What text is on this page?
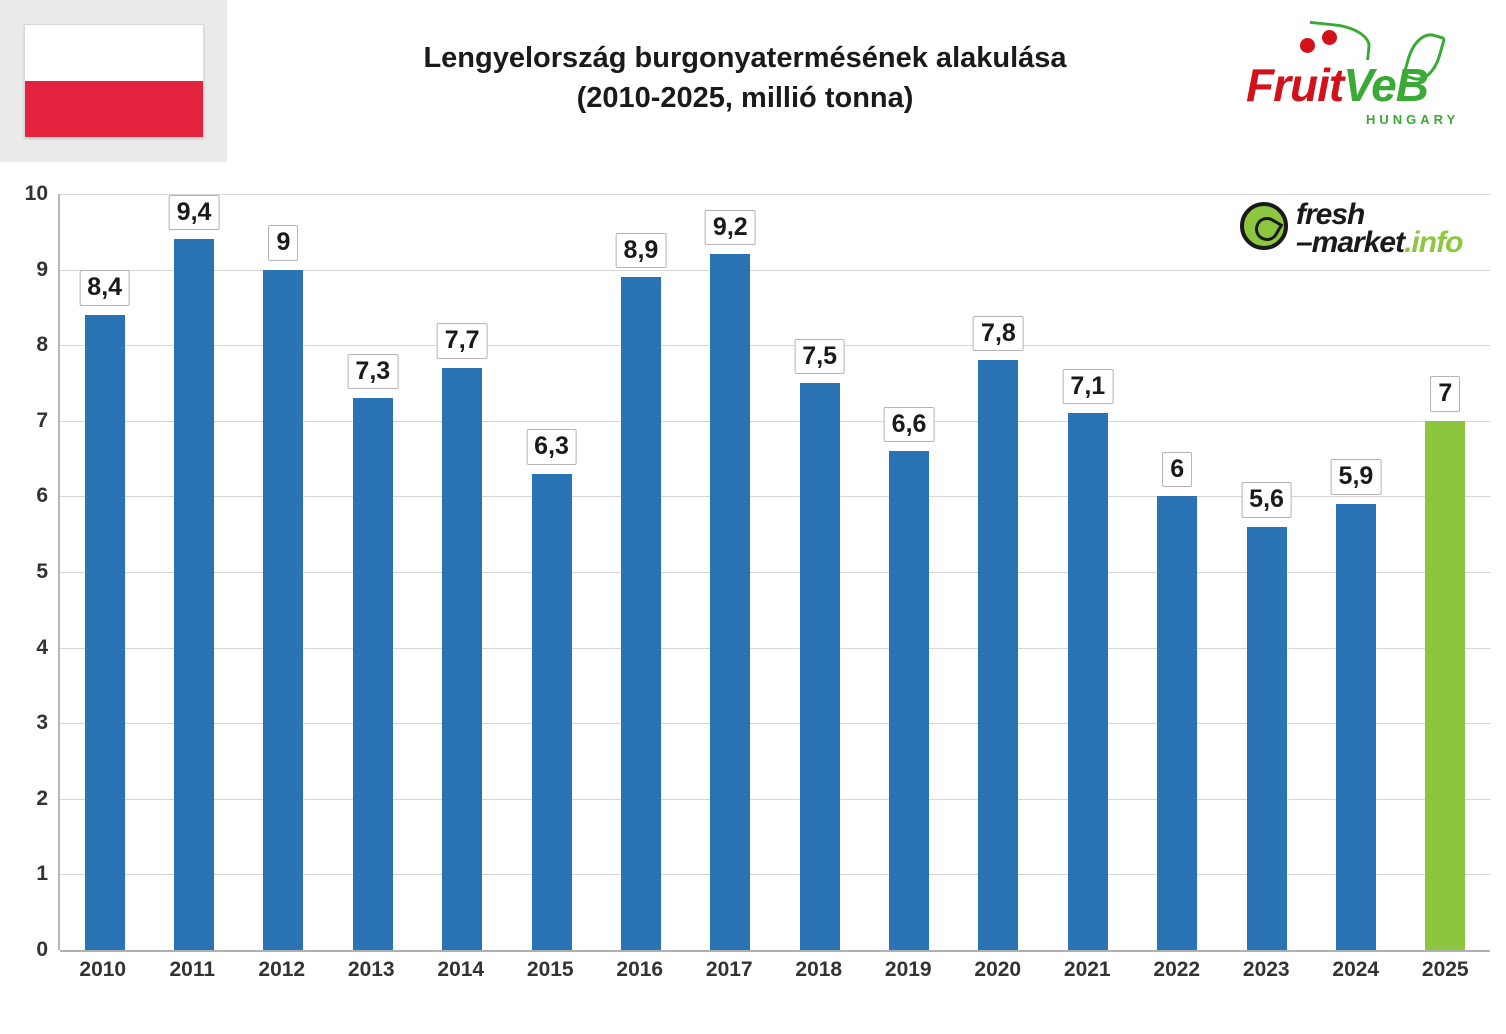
Lengyelország burgonyatermésének alakulása
(2010-2025, millió tonna)	FruitVeB
HUNGARY
fresh
–market.info
10
9
8
7
6
5
4
3
2
1
0
8,4
9,4
9
7,3
7,7
6,3
8,9
9,2
7,5
6,6
7,8
7,1
6
5,6
5,9
7
2010	2011	2012	2013	2014	2015	2016	2017	2018	2019	2020	2021	2022	2023	2024	2025
